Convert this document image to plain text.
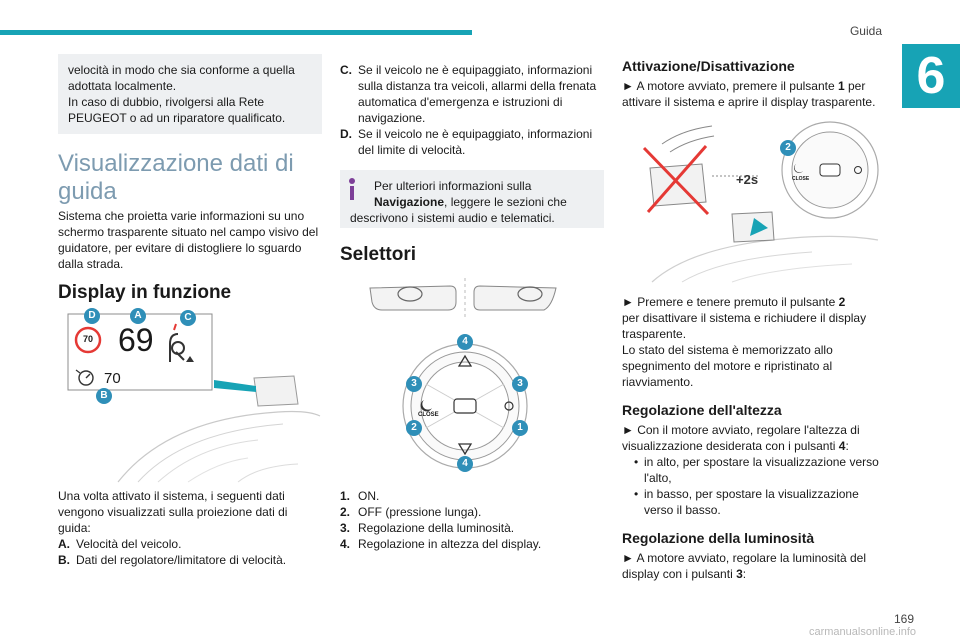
Guida
6

velocità in modo che sia conforme a quella

adottata localmente.

In caso di dubbio, rivolgersi alla Rete

PEUGEOT o ad un riparatore qualificato.

Visualizzazione dati di
guida

Sistema che proietta varie informazioni su uno

schermo trasparente situato nel campo visivo del

guidatore, per evitare di distogliere lo sguardo

dalla strada.

Display in funzione
70 69
70
D	A	C
B

Una volta attivato il sistema, i seguenti dati

vengono visualizzati sulla proiezione dati di

guida:

A. Velocità del veicolo.
B. Dati del regolatore/limitatore di velocità.
C. Se il veicolo ne è equipaggiato, informazioni
sulla distanza tra veicoli, allarmi della frenata
automatica d'emergenza e istruzioni di
navigazione.
D. Se il veicolo ne è equipaggiato, informazioni
del limite di velocità.

Per ulteriori informazioni sulla

Navigazione, leggere le sezioni che

descrivono i sistemi audio e telematici.

Selettori
4
4
3	3
2	1
CLOSE
1. ON.
2. OFF (pressione lunga).
3. Regolazione della luminosità.
4. Regolazione in altezza del display.
Attivazione/Disattivazione

► A motore avviato, premere il pulsante 1 per

attivare il sistema e aprire il display trasparente.

2
+2s	CLOSE

► Premere e tenere premuto il pulsante 2

per disattivare il sistema e richiudere il display

trasparente.

Lo stato del sistema è memorizzato allo

spegnimento del motore e ripristinato al

riavviamento.

Regolazione dell'altezza

► Con il motore avviato, regolare l'altezza di

visualizzazione desiderata con i pulsanti 4:

• in alto, per spostare la visualizzazione verso
l'alto,
• in basso, per spostare la visualizzazione
verso il basso.
Regolazione della luminosità

► A motore avviato, regolare la luminosità del

display con i pulsanti 3:

169
carmanualsonline.info
